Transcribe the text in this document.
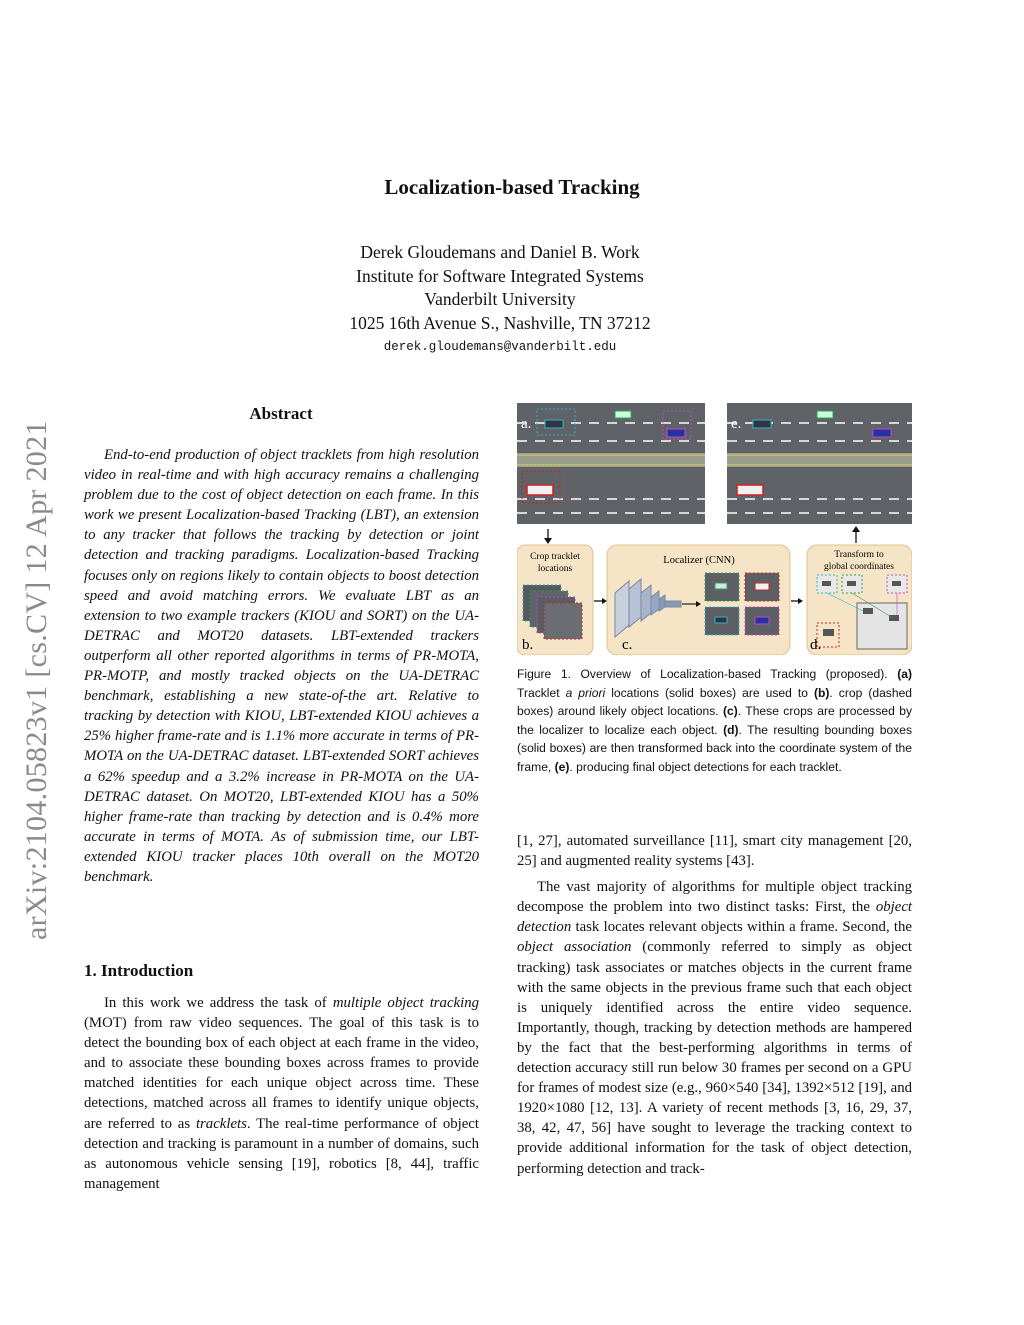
arXiv:2104.05823v1 [cs.CV] 12 Apr 2021
Localization-based Tracking
Derek Gloudemans and Daniel B. Work
Institute for Software Integrated Systems
Vanderbilt University
1025 16th Avenue S., Nashville, TN 37212
derek.gloudemans@vanderbilt.edu
Abstract

End-to-end production of object tracklets from high resolution video in real-time and with high accuracy remains a challenging problem due to the cost of object detection on each frame. In this work we present Localization-based Tracking (LBT), an extension to any tracker that follows the tracking by detection or joint detection and tracking paradigms. Localization-based Tracking focuses only on regions likely to contain objects to boost detection speed and avoid matching errors. We evaluate LBT as an extension to two example trackers (KIOU and SORT) on the UA-DETRAC and MOT20 datasets. LBT-extended trackers outperform all other reported algorithms in terms of PR-MOTA, PR-MOTP, and mostly tracked objects on the UA-DETRAC benchmark, establishing a new state-of-the art. Relative to tracking by detection with KIOU, LBT-extended KIOU achieves a 25% higher frame-rate and is 1.1% more accurate in terms of PR-MOTA on the UA-DETRAC dataset. LBT-extended SORT achieves a 62% speedup and a 3.2% increase in PR-MOTA on the UA-DETRAC dataset. On MOT20, LBT-extended KIOU has a 50% higher frame-rate than tracking by detection and is 0.4% more accurate in terms of MOTA. As of submission time, our LBT-extended KIOU tracker places 10th overall on the MOT20 benchmark.

1. Introduction

In this work we address the task of multiple object tracking (MOT) from raw video sequences. The goal of this task is to detect the bounding box of each object at each frame in the video, and to associate these bounding boxes across frames to provide matched identities for each unique object across time. These detections, matched across all frames to identify unique objects, are referred to as tracklets. The real-time performance of object detection and tracking is paramount in a number of domains, such as autonomous vehicle sensing [19], robotics [8, 44], traffic management

a.	e.
Crop tracklet
locations
b.
Localizer (CNN)
c.
Transform to
global coordinates
d.
Figure 1. Overview of Localization-based Tracking (proposed). (a) Tracklet a priori locations (solid boxes) are used to (b). crop (dashed boxes) around likely object locations. (c). These crops are processed by the localizer to localize each object. (d). The resulting bounding boxes (solid boxes) are then transformed back into the coordinate system of the frame, (e). producing final object detections for each tracklet.

[1, 27], automated surveillance [11], smart city management [20, 25] and augmented reality systems [43].

The vast majority of algorithms for multiple object tracking decompose the problem into two distinct tasks: First, the object detection task locates relevant objects within a frame. Second, the object association (commonly referred to simply as object tracking) task associates or matches objects in the current frame with the same objects in the previous frame such that each object is uniquely identified across the entire video sequence. Importantly, though, tracking by detection methods are hampered by the fact that the best-performing algorithms in terms of detection accuracy still run below 30 frames per second on a GPU for frames of modest size (e.g., 960×540 [34], 1392×512 [19], and 1920×1080 [12, 13]. A variety of recent methods [3, 16, 29, 37, 38, 42, 47, 56] have sought to leverage the tracking context to provide additional information for the task of object detection, performing detection and track-
